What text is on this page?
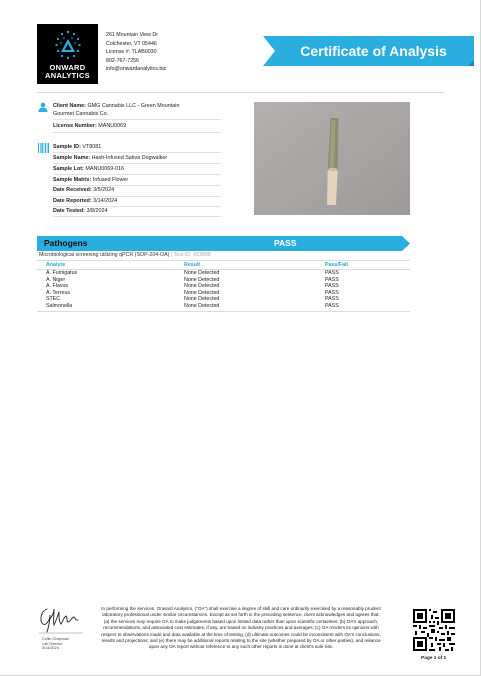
ONWARD
ANALYTICS
261 Mountain View Dr
Colchester, VT 05446
License #: TLAB0030
802-767-7256
info@onwardanalytics.biz
Certificate of Analysis
Client Name: GMG Cannabis LLC - Green Mountain
Gourmet Cannabis Co.
License Number: MANU0069
Sample ID: VT8081
Sample Name: Hash-Infused Sativa Dogwalker
Sample Lot: MANU0069-016
Sample Matrix: Infused Flower
Date Received: 3/5/2024
Date Reported: 3/14/2024
Date Tested: 3/8/2024
Pathogens	PASS
Microbiological screening utilizing qPCR (SOP-204-OA) | Test ID: #23898
Analyte	Result	Pass/Fail
A. Fumigatus	None Detected	PASS
A. Niger	None Detected	PASS
A. Flavus	None Detected	PASS
A. Terreus	None Detected	PASS
STEC	None Detected	PASS
Salmonella	None Detected	PASS
Collin Chapman
Lab Director
3/14/2024
In performing the services, Onward Analytics, ("OA") shall exercise a degree of skill and care ordinarily exercised by a reasonably prudent laboratory professional under similar circumstances. Except as set forth in the preceding sentence, client acknowledges and agrees that: (a) the services may require OA to make judgements based upon limited data rather than upon scientific certainties; (b) OA's approach, recommendations, and associated cost estimates, if any, are based on industry practices and averages; (c) OA renders its opinions with respect to observations made and data available at the time of testing; (d) ultimate outcomes could be inconsistent with OA's conclusions, results and projections; and (e) there may be additional reports relating to the site (whether prepared by OA or other parties), and reliance upon any OA report without reference to any such other reports is done at client's sole risk.
Page 1 of 1
